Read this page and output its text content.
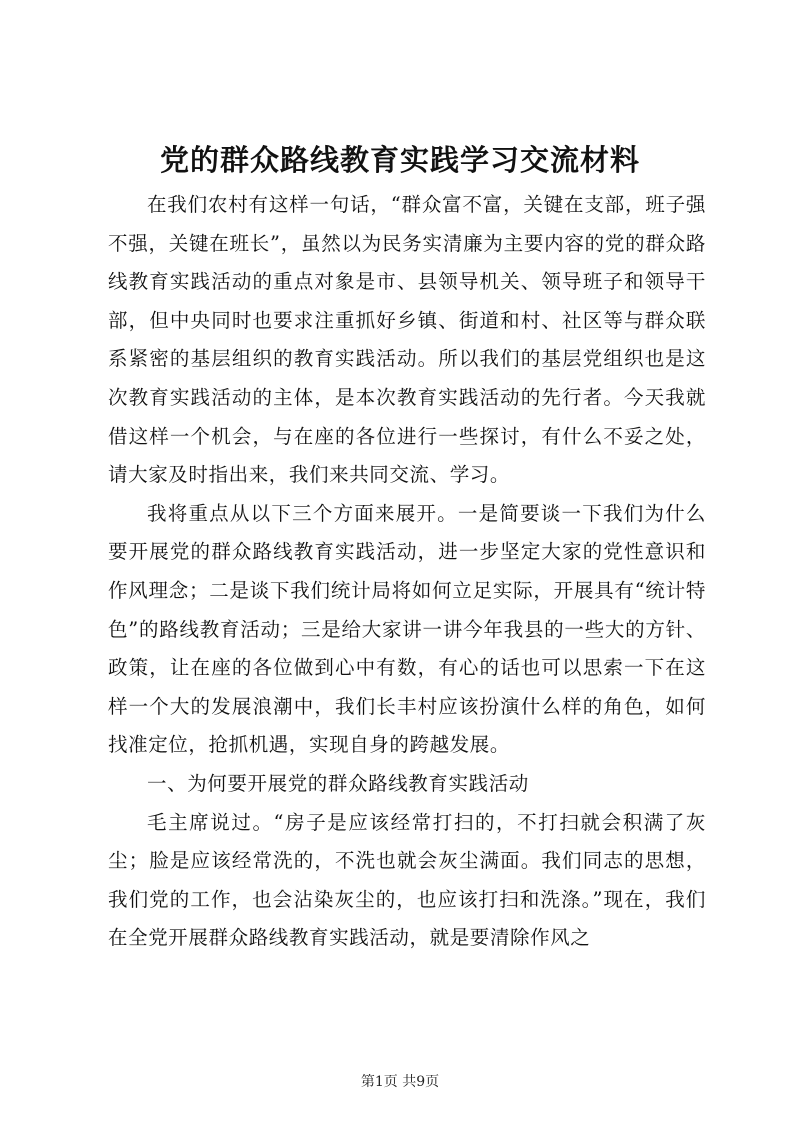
党的群众路线教育实践学习交流材料

在我们农村有这样一句话，“群众富不富，关键在支部，班子强不强，关键在班长”，虽然以为民务实清廉为主要内容的党的群众路线教育实践活动的重点对象是市、县领导机关、领导班子和领导干部，但中央同时也要求注重抓好乡镇、街道和村、社区等与群众联系紧密的基层组织的教育实践活动。所以我们的基层党组织也是这次教育实践活动的主体，是本次教育实践活动的先行者。今天我就借这样一个机会，与在座的各位进行一些探讨，有什么不妥之处，请大家及时指出来，我们来共同交流、学习。

我将重点从以下三个方面来展开。一是简要谈一下我们为什么要开展党的群众路线教育实践活动，进一步坚定大家的党性意识和作风理念；二是谈下我们统计局将如何立足实际，开展具有“统计特色”的路线教育活动；三是给大家讲一讲今年我县的一些大的方针、政策，让在座的各位做到心中有数，有心的话也可以思索一下在这样一个大的发展浪潮中，我们长丰村应该扮演什么样的角色，如何找准定位，抢抓机遇，实现自身的跨越发展。

一、为何要开展党的群众路线教育实践活动

毛主席说过。“房子是应该经常打扫的，不打扫就会积满了灰尘；脸是应该经常洗的，不洗也就会灰尘满面。我们同志的思想，我们党的工作，也会沾染灰尘的，也应该打扫和洗涤。”现在，我们在全党开展群众路线教育实践活动，就是要清除作风之

第1页 共9页
